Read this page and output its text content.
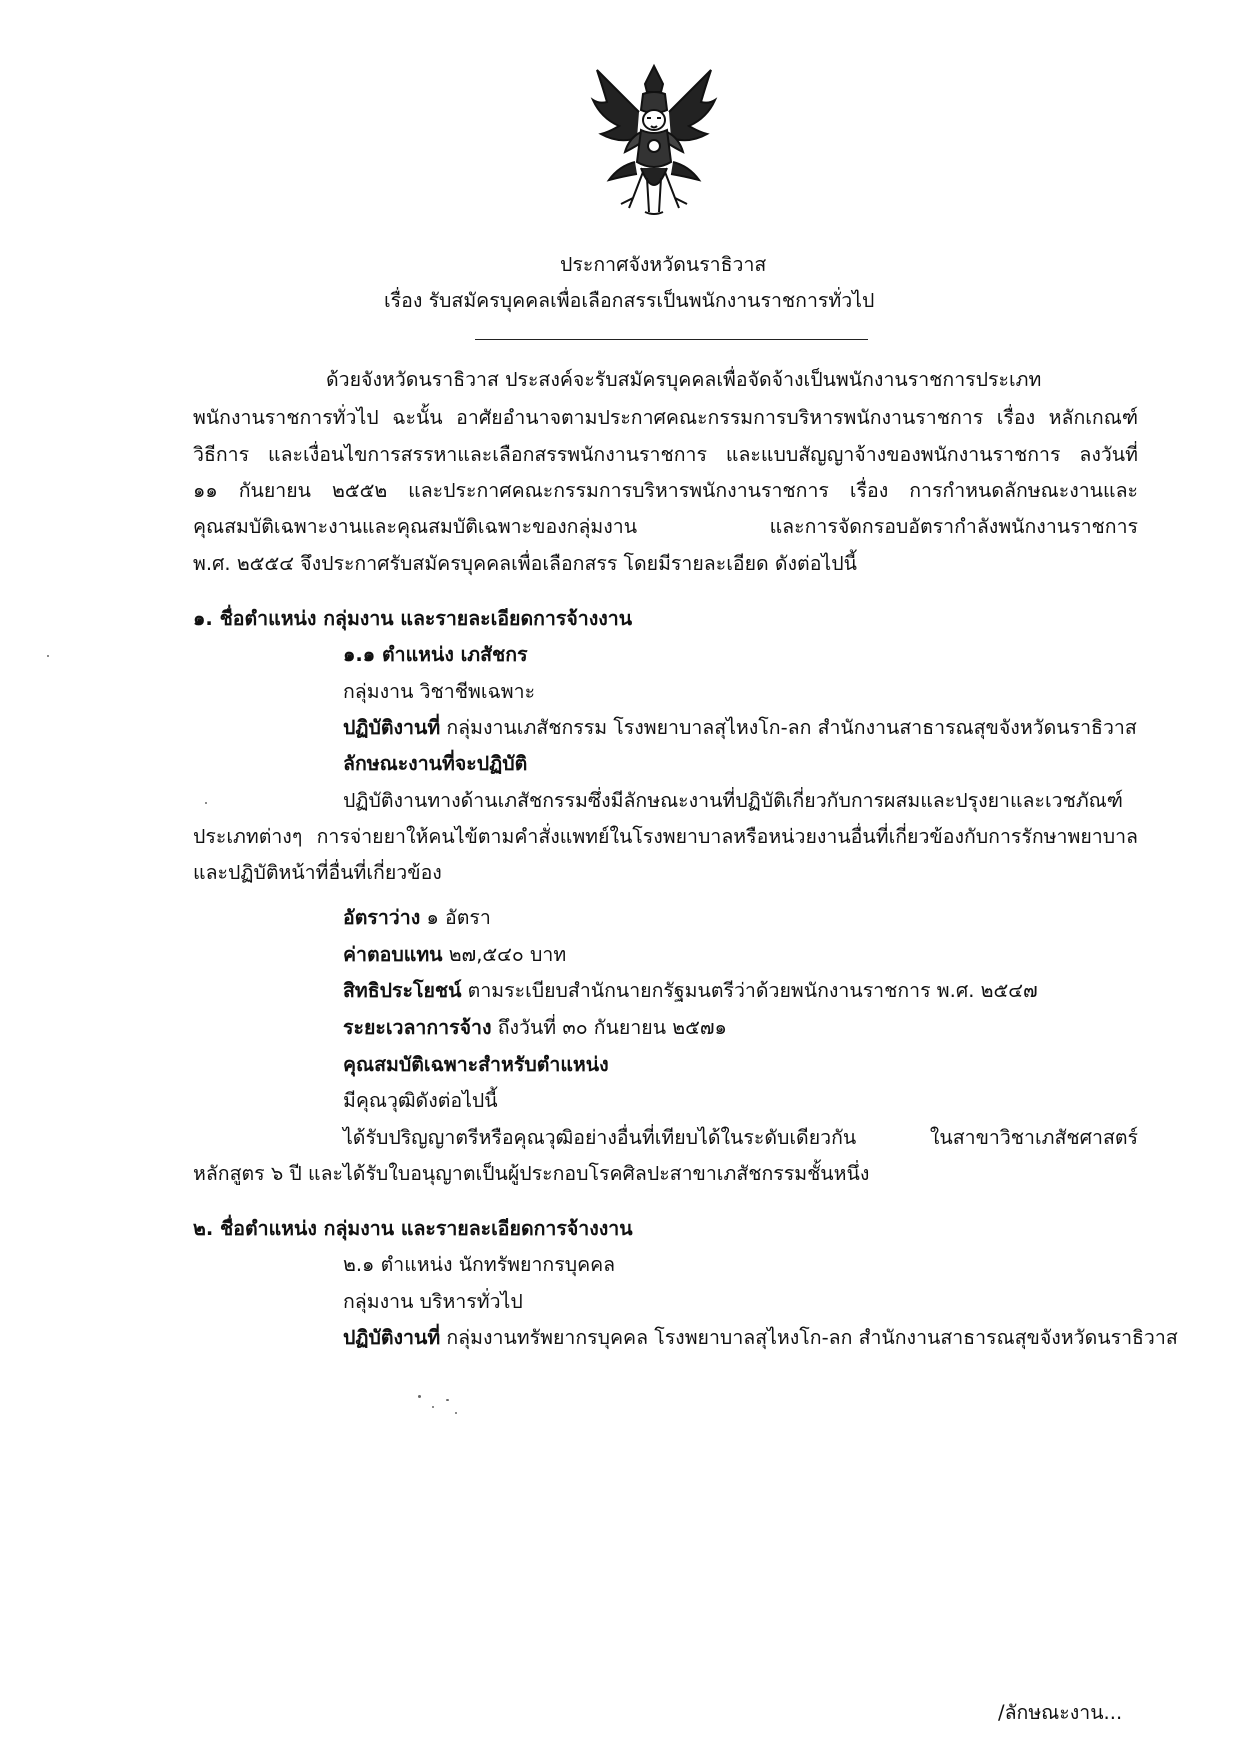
ประกาศจังหวัดนราธิวาส
เรื่อง รับสมัครบุคคลเพื่อเลือกสรรเป็นพนักงานราชการทั่วไป
ด้วยจังหวัดนราธิวาส ประสงค์จะรับสมัครบุคคลเพื่อจัดจ้างเป็นพนักงานราชการประเภท
พนักงานราชการทั่วไป ฉะนั้น อาศัยอำนาจตามประกาศคณะกรรมการบริหารพนักงานราชการ เรื่อง หลักเกณฑ์
วิธีการ และเงื่อนไขการสรรหาและเลือกสรรพนักงานราชการ และแบบสัญญาจ้างของพนักงานราชการ ลงวันที่
๑๑ กันยายน ๒๕๕๒ และประกาศคณะกรรมการบริหารพนักงานราชการ เรื่อง การกำหนดลักษณะงานและ
คุณสมบัติเฉพาะงานและคุณสมบัติเฉพาะของกลุ่มงาน และการจัดกรอบอัตรากำลังพนักงานราชการ
พ.ศ. ๒๕๕๔ จึงประกาศรับสมัครบุคคลเพื่อเลือกสรร โดยมีรายละเอียด ดังต่อไปนี้
๑. ชื่อตำแหน่ง กลุ่มงาน และรายละเอียดการจ้างงาน
๑.๑ ตำแหน่ง เภสัชกร
กลุ่มงาน วิชาชีพเฉพาะ
ปฏิบัติงานที่ กลุ่มงานเภสัชกรรม โรงพยาบาลสุไหงโก-ลก สำนักงานสาธารณสุขจังหวัดนราธิวาส
ลักษณะงานที่จะปฏิบัติ
ปฏิบัติงานทางด้านเภสัชกรรมซึ่งมีลักษณะงานที่ปฏิบัติเกี่ยวกับการผสมและปรุงยาและเวชภัณฑ์
ประเภทต่างๆ การจ่ายยาให้คนไข้ตามคำสั่งแพทย์ในโรงพยาบาลหรือหน่วยงานอื่นที่เกี่ยวข้องกับการรักษาพยาบาล
และปฏิบัติหน้าที่อื่นที่เกี่ยวข้อง
อัตราว่าง ๑ อัตรา
ค่าตอบแทน ๒๗,๕๔๐ บาท
สิทธิประโยชน์ ตามระเบียบสำนักนายกรัฐมนตรีว่าด้วยพนักงานราชการ พ.ศ. ๒๕๔๗
ระยะเวลาการจ้าง ถึงวันที่ ๓๐ กันยายน ๒๕๗๑
คุณสมบัติเฉพาะสำหรับตำแหน่ง
มีคุณวุฒิดังต่อไปนี้
ได้รับปริญญาตรีหรือคุณวุฒิอย่างอื่นที่เทียบได้ในระดับเดียวกัน ในสาขาวิชาเภสัชศาสตร์
หลักสูตร ๖ ปี และได้รับใบอนุญาตเป็นผู้ประกอบโรคศิลปะสาขาเภสัชกรรมชั้นหนึ่ง
๒. ชื่อตำแหน่ง กลุ่มงาน และรายละเอียดการจ้างงาน
๒.๑ ตำแหน่ง นักทรัพยากรบุคคล
กลุ่มงาน บริหารทั่วไป
ปฏิบัติงานที่ กลุ่มงานทรัพยากรบุคคล โรงพยาบาลสุไหงโก-ลก สำนักงานสาธารณสุขจังหวัดนราธิวาส
/ลักษณะงาน...
